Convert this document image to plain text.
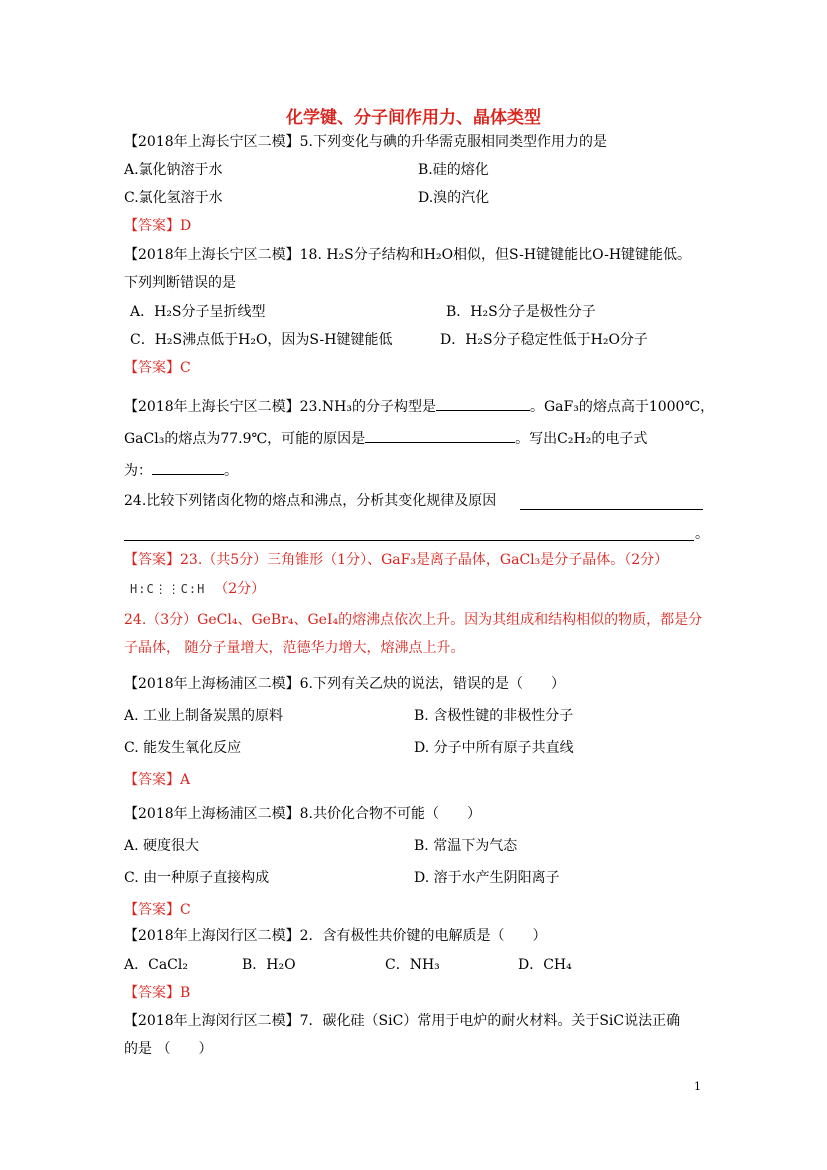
化学键、分子间作用力、晶体类型
【2018年上海长宁区二模】5.下列变化与碘的升华需克服相同类型作用力的是
A.氯化钠溶于水	B.硅的熔化
C.氯化氢溶于水	D.溴的汽化
【答案】D
【2018年上海长宁区二模】18. H₂S分子结构和H₂O相似，但S-H键键能比O-H键键能低。
下列判断错误的是
A．H₂S分子呈折线型	B．H₂S分子是极性分子
C．H₂S沸点低于H₂O，因为S-H键键能低	D．H₂S分子稳定性低于H₂O分子
【答案】C
【2018年上海长宁区二模】23.NH₃的分子构型是	。GaF₃的熔点高于1000℃，
GaCl₃的熔点为77.9℃，可能的原因是	。写出C₂H₂的电子式
为：	。
24.比较下列锗卤化物的熔点和沸点，分析其变化规律及原因
。
【答案】23.（共5分）三角锥形（1分）、GaF₃是离子晶体，GaCl₃是分子晶体。（2分）
H:C⋮⋮C:H （2分）
24.（3分）GeCl₄、GeBr₄、GeI₄的熔沸点依次上升。因为其组成和结构相似的物质，都是分
子晶体， 随分子量增大，范德华力增大，熔沸点上升。
【2018年上海杨浦区二模】6.下列有关乙炔的说法，错误的是（　　）
A. 工业上制备炭黑的原料	B. 含极性键的非极性分子
C. 能发生氧化反应	D. 分子中所有原子共直线
【答案】A
【2018年上海杨浦区二模】8.共价化合物不可能（　　）
A. 硬度很大	B. 常温下为气态
C. 由一种原子直接构成	D. 溶于水产生阴阳离子
【答案】C
【2018年上海闵行区二模】2．含有极性共价键的电解质是（　　）
A．CaCl₂	B．H₂O	C．NH₃	D．CH₄
【答案】B
【2018年上海闵行区二模】7．碳化硅（SiC）常用于电炉的耐火材料。关于SiC说法正确
的是 （　　）
1
